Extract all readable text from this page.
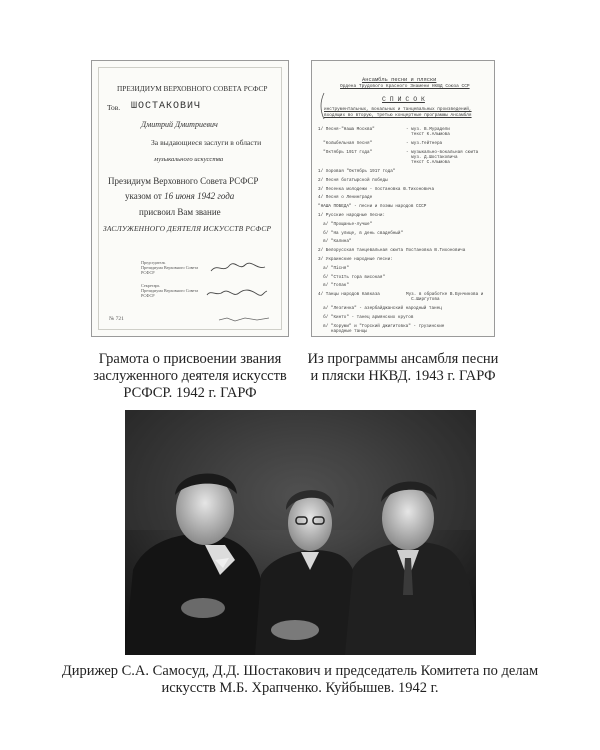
ПРЕЗИДИУМ ВЕРХОВНОГО СОВЕТА РСФСР
Тов. ШОСТАКОВИЧ
Дмитрий Дмитриевич
За выдающиеся заслуги в области
музыкального искусства
Президиум Верховного Совета РСФСР
указом от 16 июня 1942 года
присвоил Вам звание
ЗАСЛУЖЕННОГО ДЕЯТЕЛЯ ИСКУССТВ РСФСР
Председатель
Президиума Верховного Совета
РСФСР
Секретарь
Президиума Верховного Совета
РСФСР
№ 721
Ансамбль песни и пляски
Ордена Трудового Красного Знамени НКВД Союза ССР
С П И С О К
инструментальных, вокальных и танцевальных произведений,
входящих во вторую, третью концертные программы Ансамбля
1/ Песня-"Наша Москва"	- муз. В.Мурадели
текст К.Алымова
"Колыбельная песня"	- муз.Гейтнера
"Октябрь 1917 года"	- музыкально-вокальная сюита
муз. Д.Шостаковича
текст С.Алымова
1/ Хоровая "Октябрь 1917 года"
2/ Песня богатырской победы
3/ Песенка молодежи - постановка Ю.Тихоновича
4/ Песня о Ленинграде
"НАША ПОБЕДА" - песни и поэмы народов СССР
1/ Русские народные песни:
а/ "Прощанье-лучше"
б/ "На улице, в день свадебный"
в/ "Калина"
2/ Белорусская танцевальная сюита Постановка Ю.Тихоновича
3/ Украинские народные песни:
а/ "Пісня"
б/ "Стоїть гора високая"
в/ "Гопак"
4/ Танцы народов Кавказа	Муз. в обработке В.Бунчикова и
С.Ширгутова
а/ "Лезгинка" - азербайджанский народный танец
б/ "Кинто" - танец армянских кругов
в/ "Хоруми" и "Горский джигитовка" - грузинские
народные танцы
Грамота о присвоении звания
заслуженного деятеля искусств
РСФСР. 1942 г. ГАРФ
Из программы ансамбля песни
и пляски НКВД. 1943 г. ГАРФ
Дирижер С.А. Самосуд, Д.Д. Шостакович и председатель Комитета по делам
искусств М.Б. Храпченко. Куйбышев. 1942 г.
